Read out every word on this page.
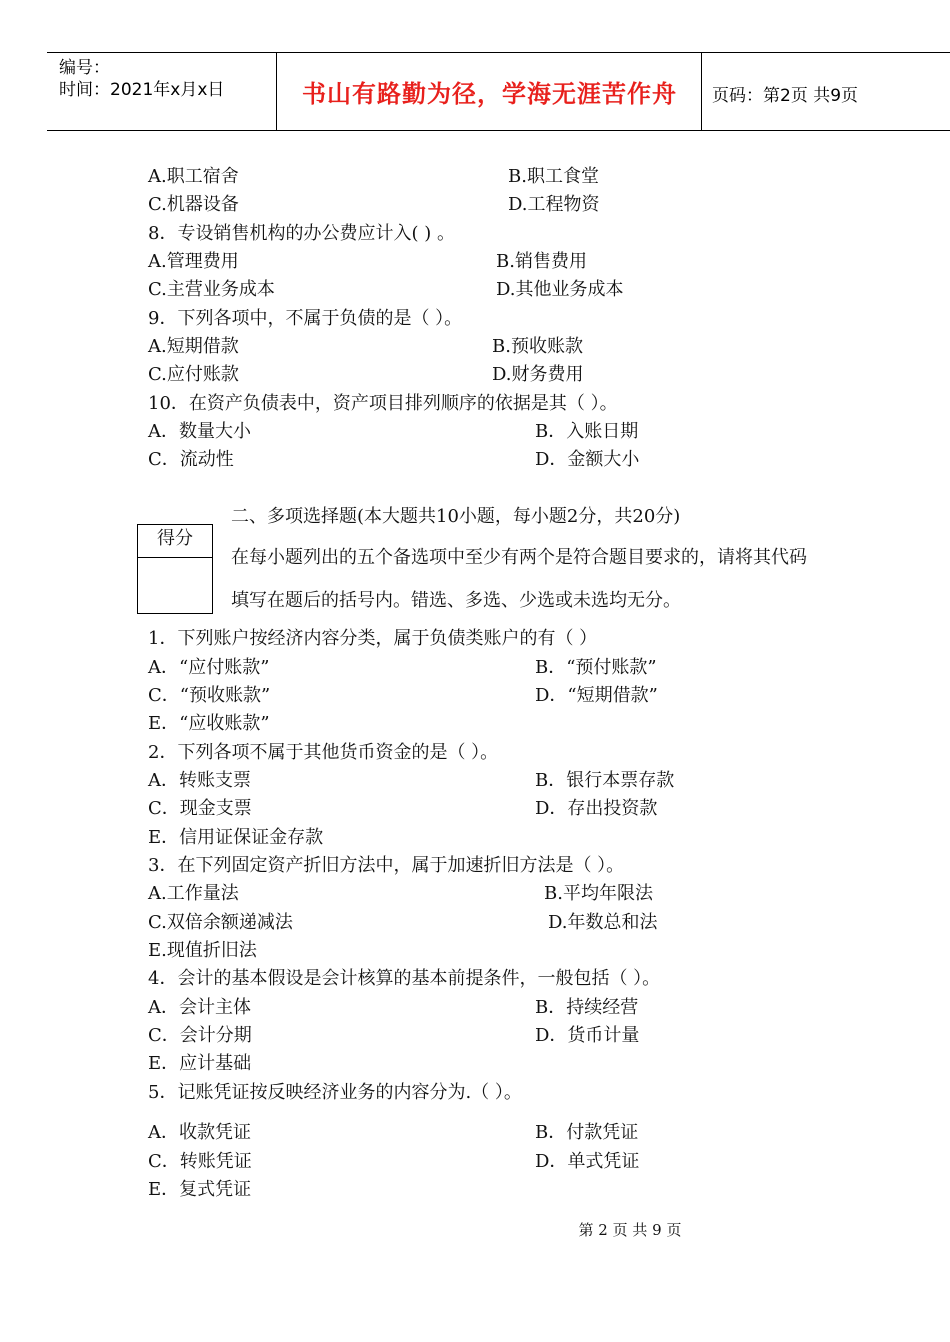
编号：
时间：2021年x月x日	书山有路勤为径，学海无涯苦作舟	页码：第2页 共9页
A.职工宿舍	B.职工食堂
C.机器设备	D.工程物资
8．专设销售机构的办公费应计入( ) 。
A.管理费用	B.销售费用
C.主营业务成本	D.其他业务成本
9．下列各项中，不属于负债的是（ ）。
A.短期借款	B.预收账款
C.应付账款	D.财务费用
10．在资产负债表中，资产项目排列顺序的依据是其（ ）。
A．数量大小	B．入账日期
C．流动性	D．金额大小
得分
二、多项选择题(本大题共10小题，每小题2分，共20分)
在每小题列出的五个备选项中至少有两个是符合题目要求的，请将其代码
填写在题后的括号内。错选、多选、少选或未选均无分。
1．下列账户按经济内容分类，属于负债类账户的有（ ）
A．“应付账款”	B．“预付账款”
C．“预收账款”	D．“短期借款”
E．“应收账款”
2．下列各项不属于其他货币资金的是（ ）。
A．转账支票	B．银行本票存款
C．现金支票	D．存出投资款
E．信用证保证金存款
3．在下列固定资产折旧方法中，属于加速折旧方法是（ ）。
A.工作量法	B.平均年限法
C.双倍余额递减法	D.年数总和法
E.现值折旧法
4．会计的基本假设是会计核算的基本前提条件，一般包括（ ）。
A．会计主体	B．持续经营
C．会计分期	D．货币计量
E．应计基础
5．记账凭证按反映经济业务的内容分为.（ ）。
A．收款凭证	B．付款凭证
C．转账凭证	D．单式凭证
E．复式凭证
第 2 页 共 9 页
